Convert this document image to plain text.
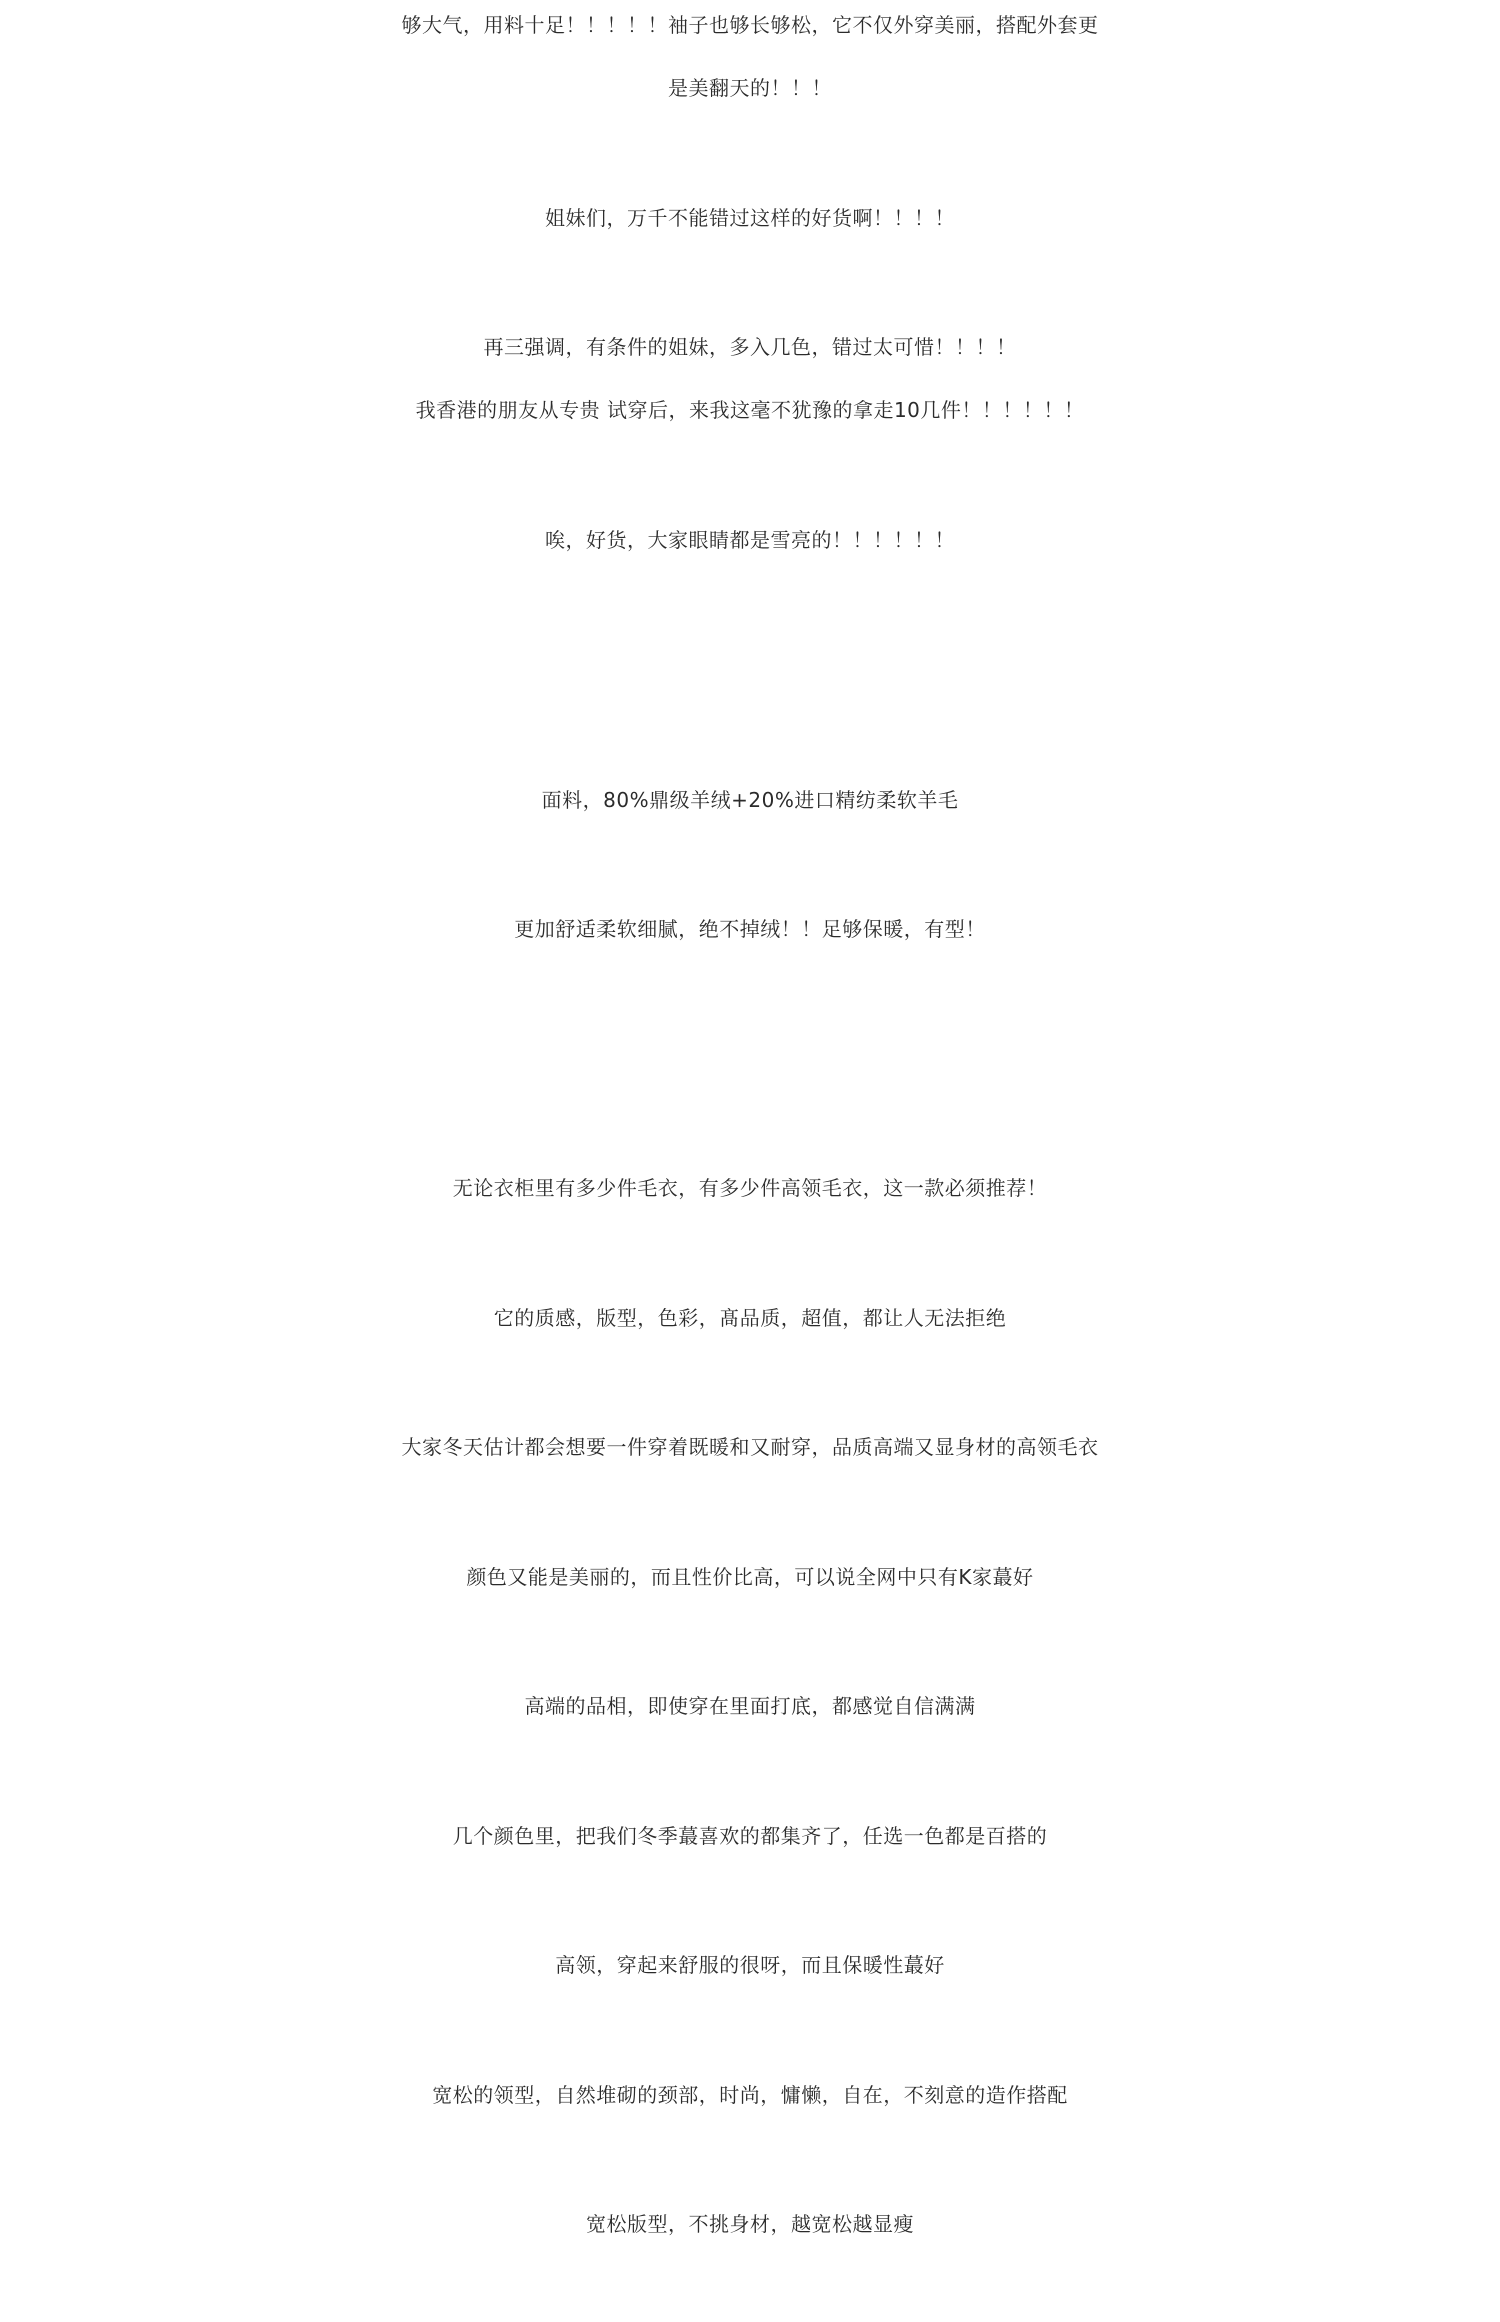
够大气，用料十足！！！！！袖子也够长够松，它不仅外穿美丽，搭配外套更
是美翻天的！！！
姐妹们，万千不能错过这样的好货啊！！！！
再三强调，有条件的姐妹，多入几色，错过太可惜！！！！
我香港的朋友从专贵 试穿后，来我这毫不犹豫的拿走10几件！！！！！！
唉，好货，大家眼睛都是雪亮的！！！！！！
面料，80%鼎级羊绒+20%进口精纺柔软羊毛
更加舒适柔软细腻，绝不掉绒！！足够保暖，有型！
无论衣柜里有多少件毛衣，有多少件高领毛衣，这一款必须推荐！
它的质感，版型，色彩，髙品质，超值，都让人无法拒绝
大家冬天估计都会想要一件穿着既暖和又耐穿，品质高端又显身材的高领毛衣
颜色又能是美丽的，而且性价比高，可以说全网中只有K家蕞好
高端的品相，即使穿在里面打底，都感觉自信满满
几个颜色里，把我们冬季蕞喜欢的都集齐了，任选一色都是百搭的
高领，穿起来舒服的很呀，而且保暖性蕞好
宽松的领型，自然堆砌的颈部，时尚，慵懒，自在，不刻意的造作搭配
宽松版型，不挑身材，越宽松越显瘦
